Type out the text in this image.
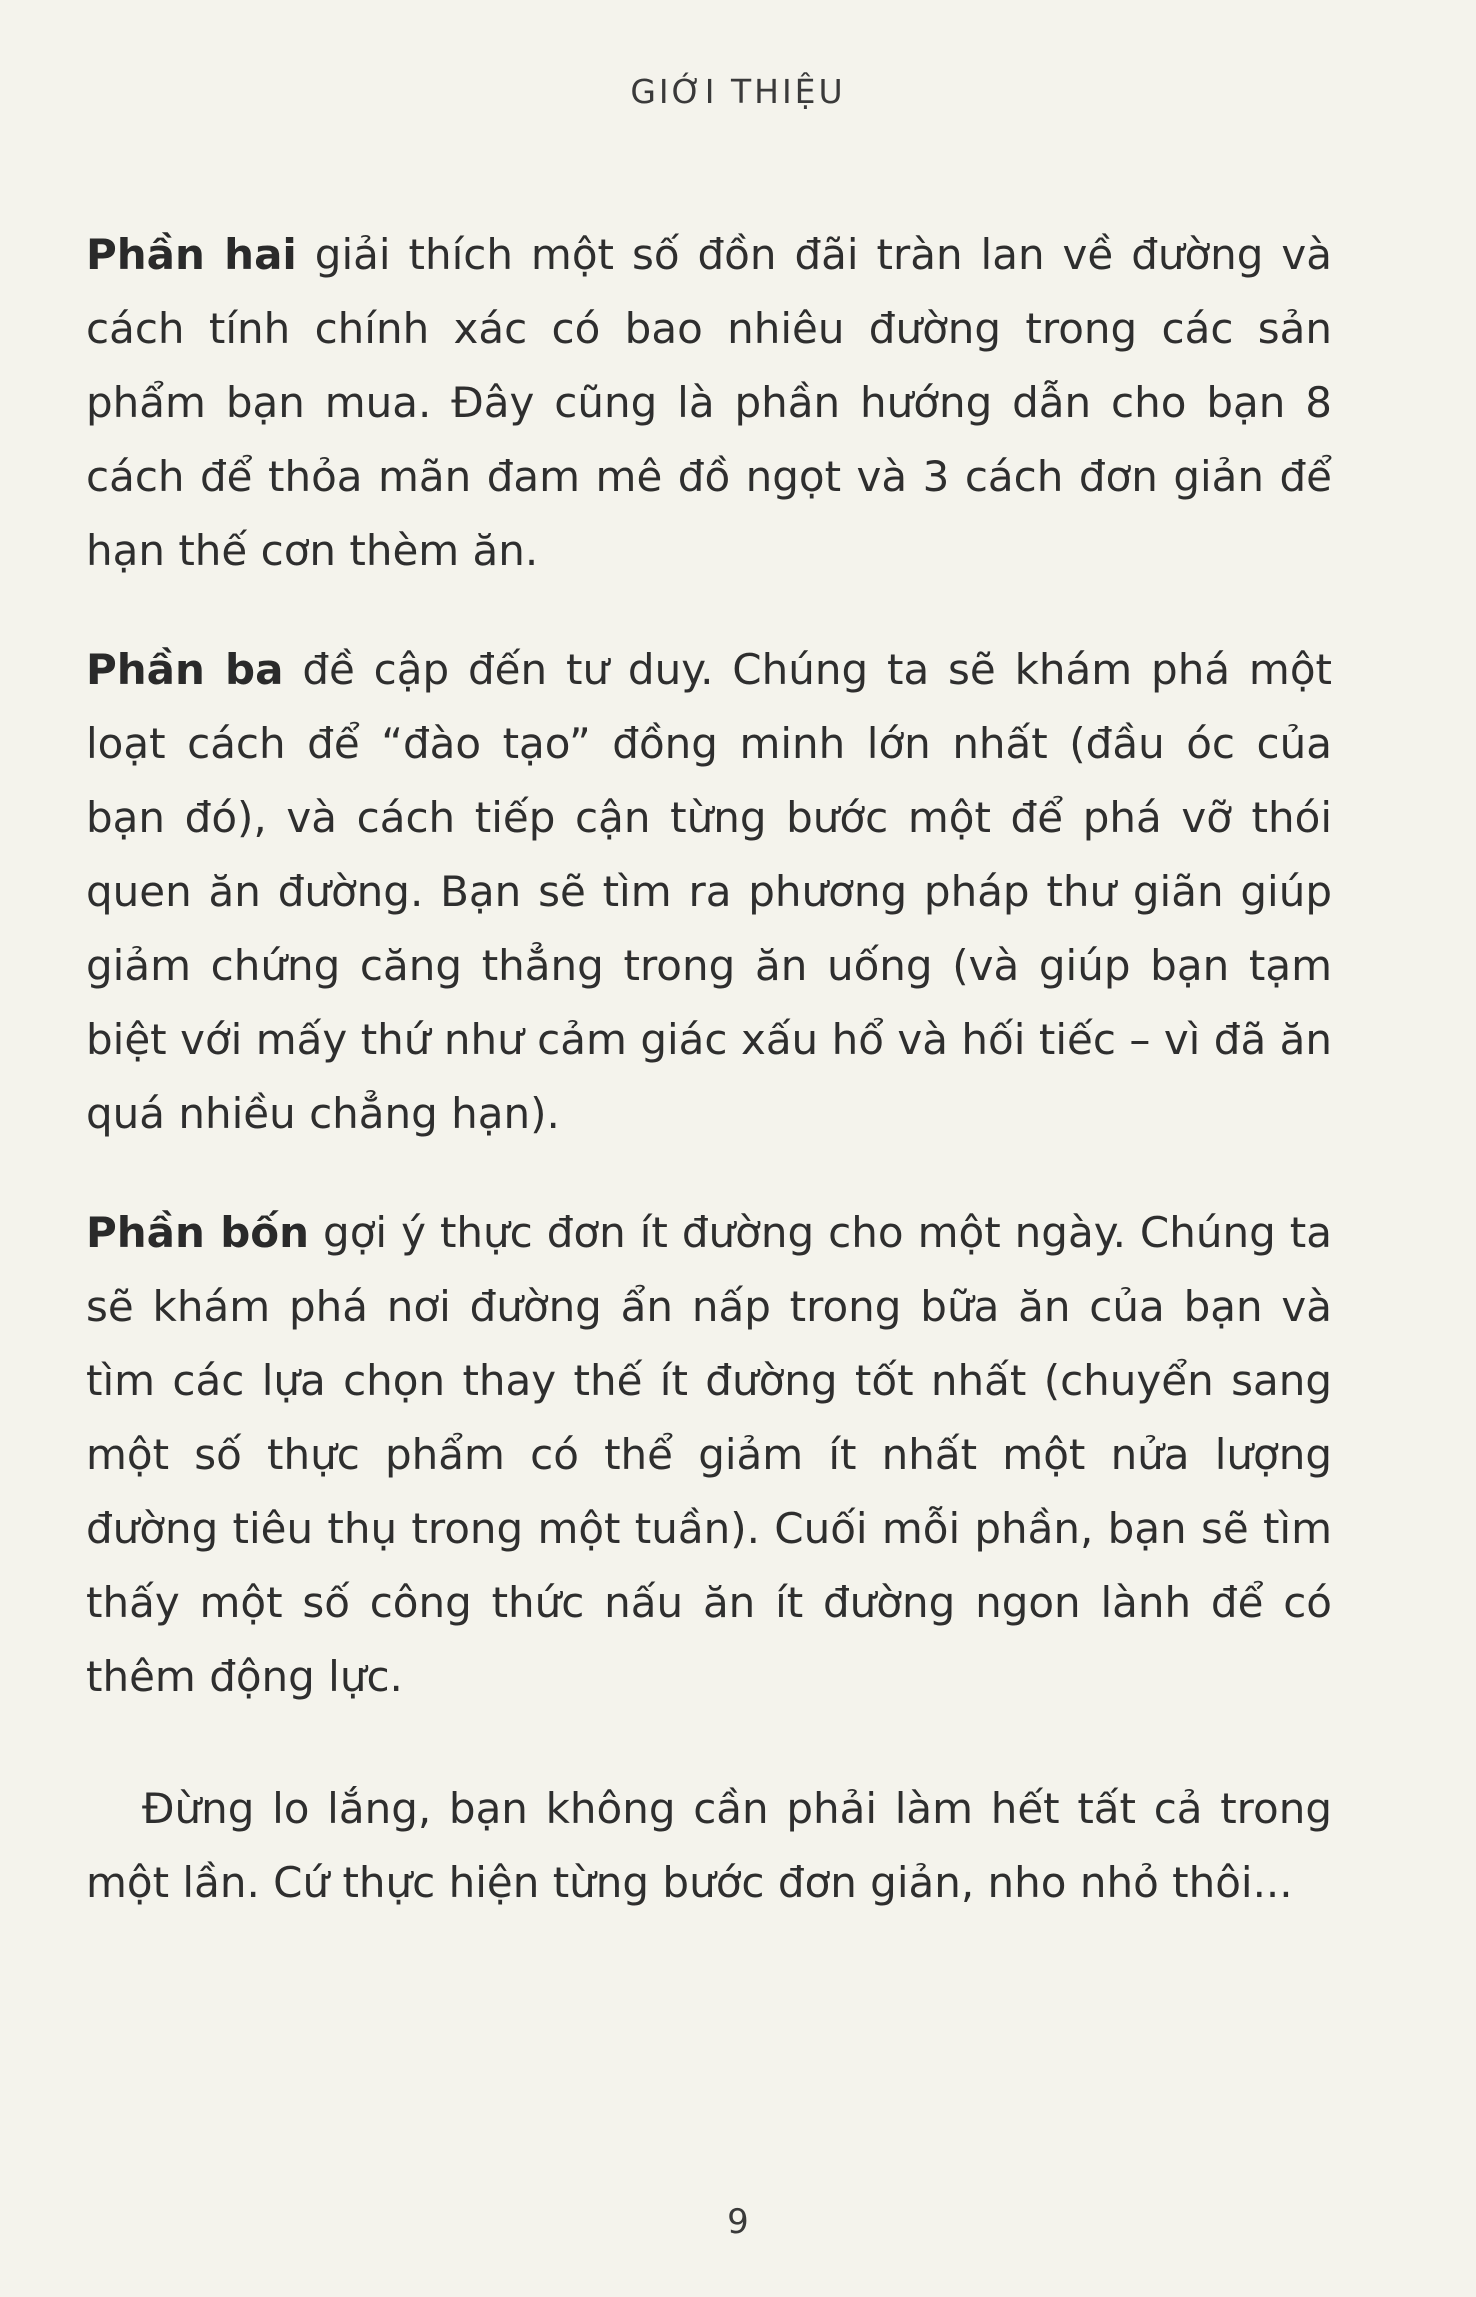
GIỚI THIỆU

Phần hai giải thích một số đồn đãi tràn lan về đường và cách tính chính xác có bao nhiêu đường trong các sản phẩm bạn mua. Đây cũng là phần hướng dẫn cho bạn 8 cách để thỏa mãn đam mê đồ ngọt và 3 cách đơn giản để hạn thế cơn thèm ăn.

Phần ba đề cập đến tư duy. Chúng ta sẽ khám phá một loạt cách để “đào tạo” đồng minh lớn nhất (đầu óc của bạn đó), và cách tiếp cận từng bước một để phá vỡ thói quen ăn đường. Bạn sẽ tìm ra phương pháp thư giãn giúp giảm chứng căng thẳng trong ăn uống (và giúp bạn tạm biệt với mấy thứ như cảm giác xấu hổ và hối tiếc – vì đã ăn quá nhiều chẳng hạn).

Phần bốn gợi ý thực đơn ít đường cho một ngày. Chúng ta sẽ khám phá nơi đường ẩn nấp trong bữa ăn của bạn và tìm các lựa chọn thay thế ít đường tốt nhất (chuyển sang một số thực phẩm có thể giảm ít nhất một nửa lượng đường tiêu thụ trong một tuần). Cuối mỗi phần, bạn sẽ tìm thấy một số công thức nấu ăn ít đường ngon lành để có thêm động lực.

Đừng lo lắng, bạn không cần phải làm hết tất cả trong một lần. Cứ thực hiện từng bước đơn giản, nho nhỏ thôi...

9
